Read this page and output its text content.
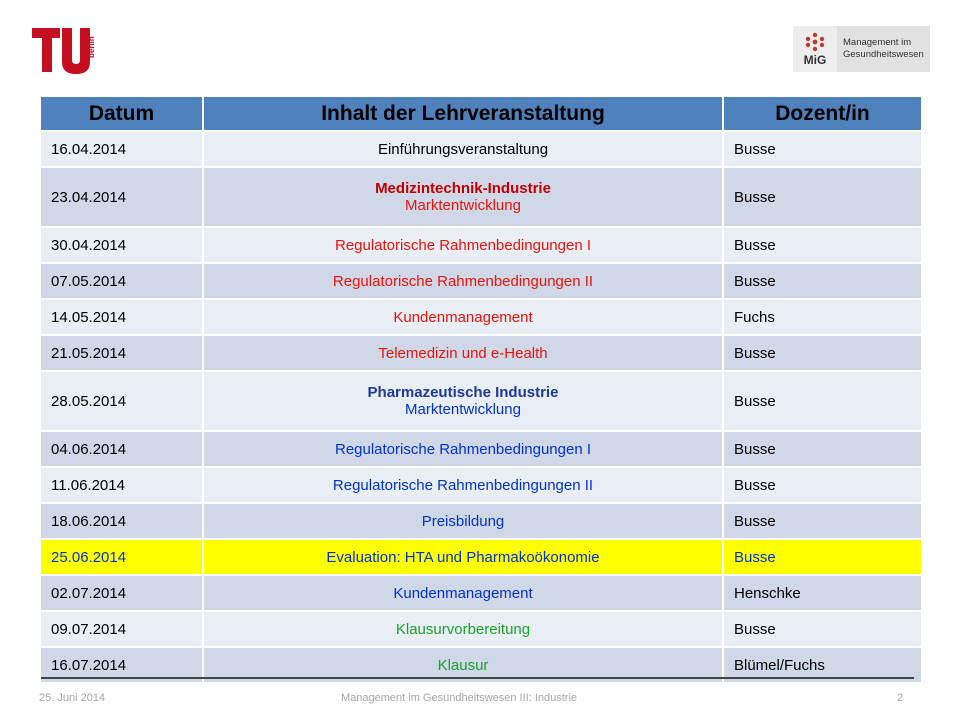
berlin
MiG
Management im
Gesundheitswesen
Datum	Inhalt der Lehrveranstaltung	Dozent/in
16.04.2014	Einführungsveranstaltung	Busse
23.04.2014	Medizintechnik-Industrie
Marktentwicklung	Busse
30.04.2014	Regulatorische Rahmenbedingungen I	Busse
07.05.2014	Regulatorische Rahmenbedingungen II	Busse
14.05.2014	Kundenmanagement	Fuchs
21.05.2014	Telemedizin und e-Health	Busse
28.05.2014	Pharmazeutische Industrie
Marktentwicklung	Busse
04.06.2014	Regulatorische Rahmenbedingungen I	Busse
11.06.2014	Regulatorische Rahmenbedingungen II	Busse
18.06.2014	Preisbildung	Busse
25.06.2014	Evaluation: HTA und Pharmakoökonomie	Busse
02.07.2014	Kundenmanagement	Henschke
09.07.2014	Klausurvorbereitung	Busse
16.07.2014	Klausur	Blümel/Fuchs
25. Juni 2014	Management im Gesundheitswesen III: Industrie	2
